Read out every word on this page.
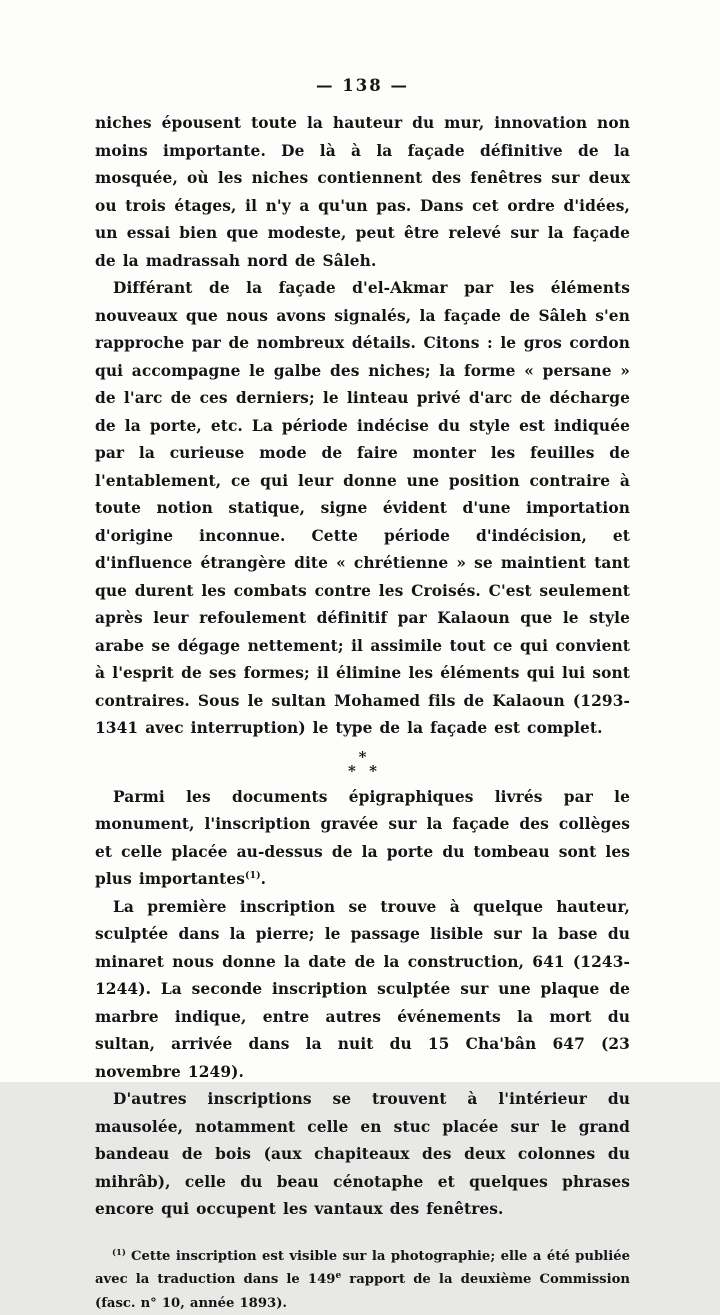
— 138 —

niches épousent toute la hauteur du mur, innovation non moins importante. De là à la façade définitive de la mosquée, où les niches contiennent des fenêtres sur deux ou trois étages, il n'y a qu'un pas. Dans cet ordre d'idées, un essai bien que modeste, peut être relevé sur la façade de la madrassah nord de Sâleh.

Différant de la façade d'el-Akmar par les éléments nouveaux que nous avons signalés, la façade de Sâleh s'en rapproche par de nombreux détails. Citons : le gros cordon qui accompagne le galbe des niches; la forme « persane » de l'arc de ces derniers; le linteau privé d'arc de décharge de la porte, etc. La période indécise du style est indiquée par la curieuse mode de faire monter les feuilles de l'entablement, ce qui leur donne une position contraire à toute notion statique, signe évident d'une importation d'origine inconnue. Cette période d'indécision, et d'influence étrangère dite « chrétienne » se maintient tant que durent les combats contre les Croisés. C'est seulement après leur refoulement définitif par Kalaoun que le style arabe se dégage nettement; il assimile tout ce qui convient à l'esprit de ses formes; il élimine les éléments qui lui sont contraires. Sous le sultan Mohamed fils de Kalaoun (1293-1341 avec interruption) le type de la façade est complet.

*
* *

Parmi les documents épigraphiques livrés par le monument, l'inscription gravée sur la façade des collèges et celle placée au-dessus de la porte du tombeau sont les plus importantes$^{(1)}$.

La première inscription se trouve à quelque hauteur, sculptée dans la pierre; le passage lisible sur la base du minaret nous donne la date de la construction, 641 (1243-1244). La seconde inscription sculptée sur une plaque de marbre indique, entre autres événements la mort du sultan, arrivée dans la nuit du 15 Cha'bân 647 (23 novembre 1249).

D'autres inscriptions se trouvent à l'intérieur du mausolée, notamment celle en stuc placée sur le grand bandeau de bois (aux chapiteaux des deux colonnes du mihrâb), celle du beau cénotaphe et quelques phrases encore qui occupent les vantaux des fenêtres.

$^{(1)}$ Cette inscription est visible sur la photographie; elle a été publiée avec la traduction dans le 149e rapport de la deuxième Commission (fasc. n° 10, année 1893).
